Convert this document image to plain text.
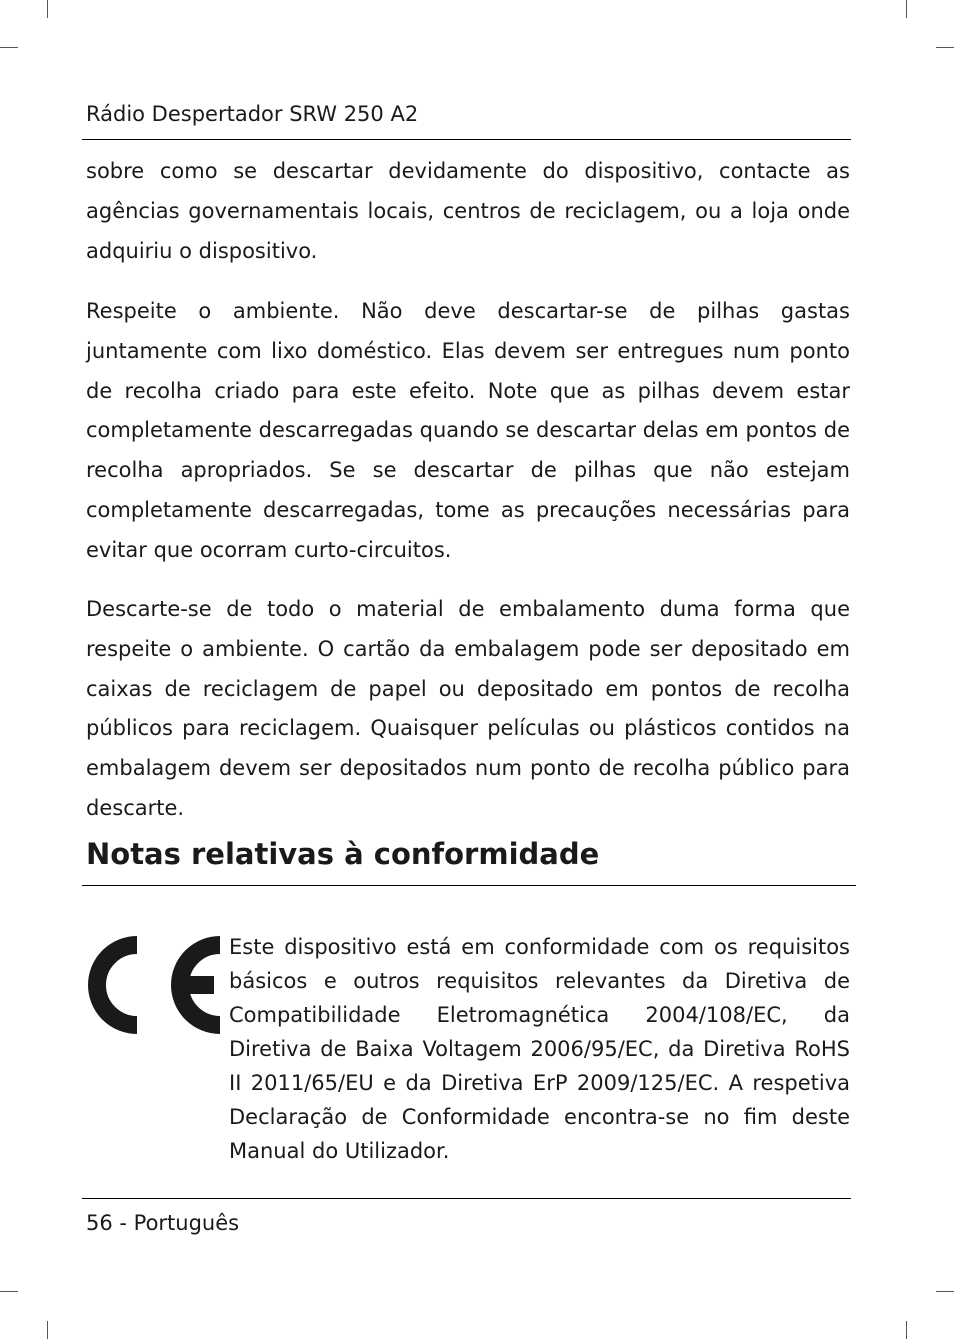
Rádio Despertador SRW 250 A2

sobre como se descartar devidamente do dispositivo, contacte as agências governamentais locais, centros de reciclagem, ou a loja onde adquiriu o dispositivo.

Respeite o ambiente. Não deve descartar-se de pilhas gastas juntamente com lixo doméstico. Elas devem ser entregues num ponto de recolha criado para este efeito. Note que as pilhas devem estar completamente descarregadas quando se descartar delas em pontos de recolha apropriados. Se se descartar de pilhas que não estejam completamente descarregadas, tome as precauções necessárias para evitar que ocorram curto-circuitos.

Descarte-se de todo o material de embalamento duma forma que respeite o ambiente. O cartão da embalagem pode ser depositado em caixas de reciclagem de papel ou depositado em pontos de recolha públicos para reciclagem. Quaisquer películas ou plásticos contidos na embalagem devem ser depositados num ponto de recolha público para descarte.

Notas relativas à conformidade

Este dispositivo está em conformidade com os requisitos básicos e outros requisitos relevantes da Diretiva de Compatibilidade Eletromagnética 2004/108/EC, da Diretiva de Baixa Voltagem 2006/95/EC, da Diretiva RoHS II 2011/65/EU e da Diretiva ErP 2009/125/EC. A respetiva Declaração de Conformidade encontra-se no fim deste Manual do Utilizador.

56 - Português
